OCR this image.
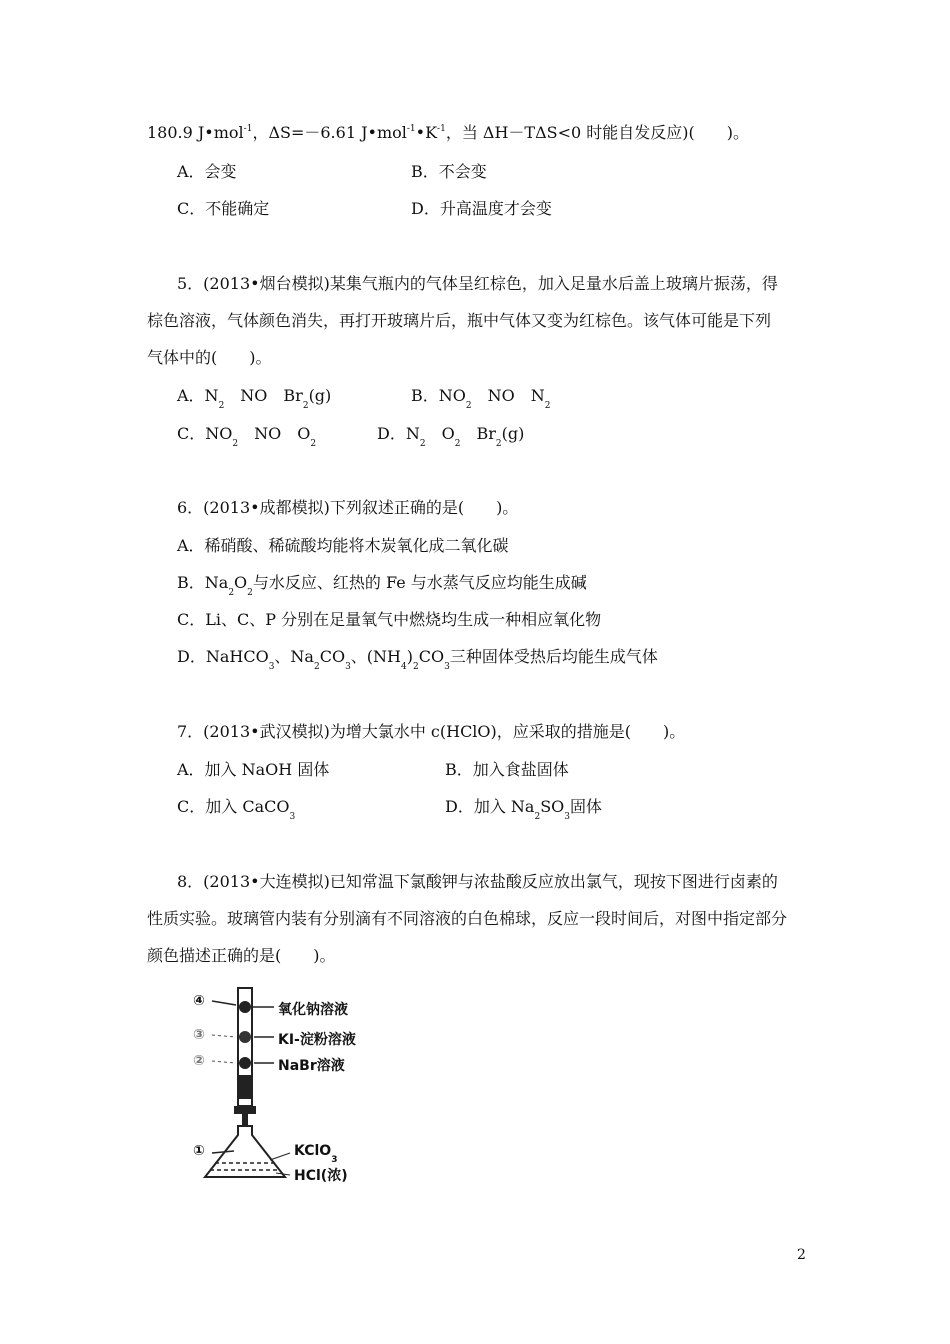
180.9 J•mol$^{-1}$，ΔS=－6.61 $J•mol^{-1}•K^{-1}$，当 ΔH－TΔS<0 时能自发反应)(　　)。
A．会变	B．不会变
C．不能确定	D．升高温度才会变
5．(2013•烟台模拟)某集气瓶内的气体呈红棕色，加入足量水后盖上玻璃片振荡，得
棕色溶液，气体颜色消失，再打开玻璃片后，瓶中气体又变为红棕色。该气体可能是下列
气体中的(　　)。
A．$N_2$　NO　$Br_2(g)$	B．$NO_2$　NO　$N_2$
C．$NO_2$　NO　$O_2$
D．$N_2$　$O_2$　$Br_2(g)$
6．(2013•成都模拟)下列叙述正确的是(　　)。
A．稀硝酸、稀硫酸均能将木炭氧化成二氧化碳
B．$Na_2O_2$与水反应、红热的 Fe 与水蒸气反应均能生成碱
C．Li、C、P 分别在足量氧气中燃烧均生成一种相应氧化物
D．NaHCO$_3$、$Na_2CO_3$、$(NH_4)_2CO_3$三种固体受热后均能生成气体
7．(2013•武汉模拟)为增大氯水中 c(HClO)，应采取的措施是(　　)。
A．加入 NaOH 固体	B．加入食盐固体
C．加入 CaCO$_3$
D．加入 $Na_2SO_3$固体
8．(2013•大连模拟)已知常温下氯酸钾与浓盐酸反应放出氯气，现按下图进行卤素的
性质实验。玻璃管内装有分别滴有不同溶液的白色棉球，反应一段时间后，对图中指定部分
颜色描述正确的是(　　)。
④
氧化钠溶液
③	KI-淀粉溶液
②	NaBr溶液
①	KClO$_3$
HCl(浓)
2
